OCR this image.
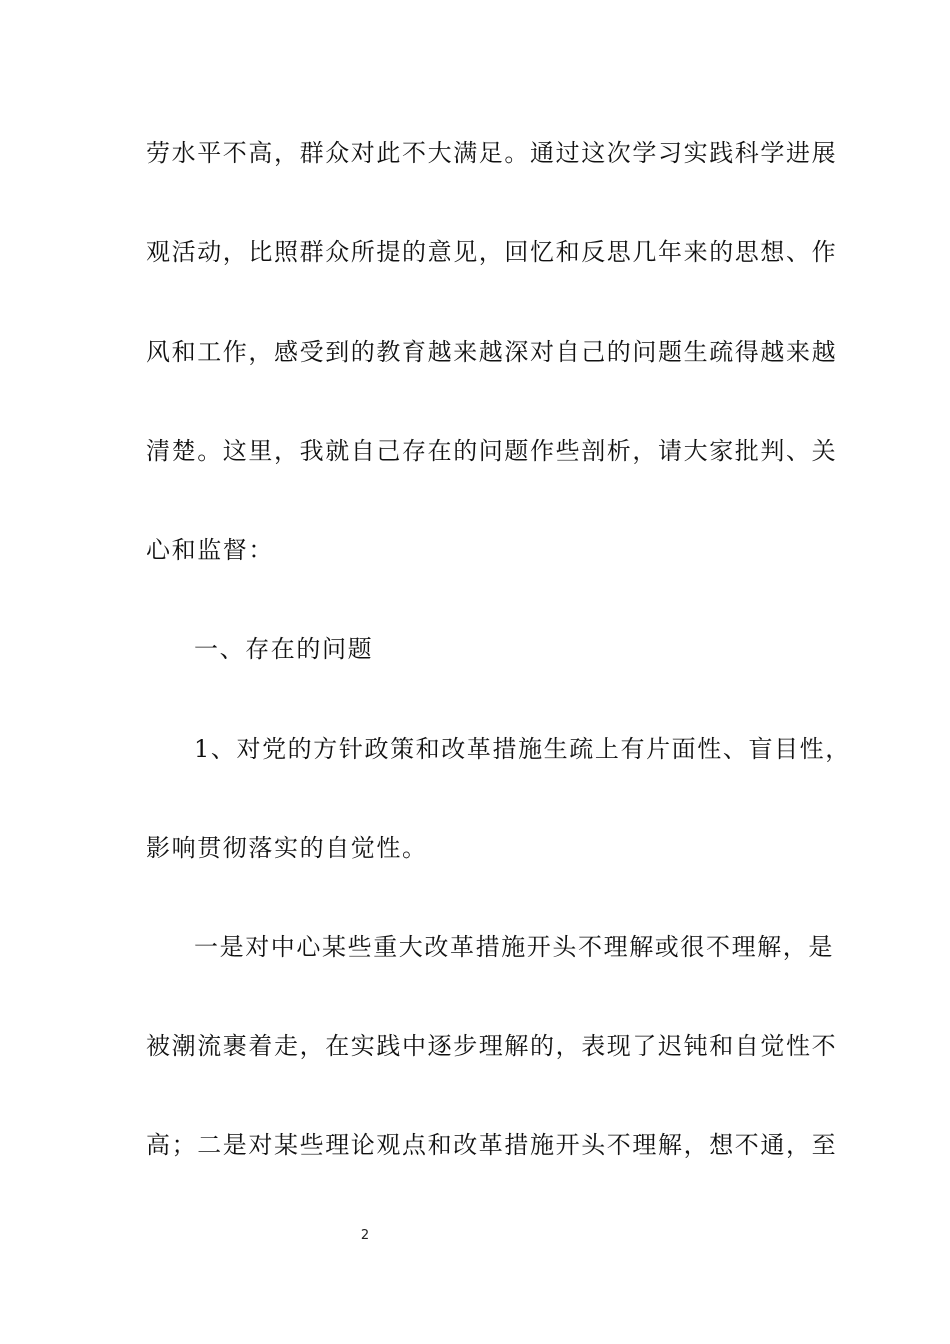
劳水平不高，群众对此不大满足。通过这次学习实践科学进展
观活动，比照群众所提的意见，回忆和反思几年来的思想、作
风和工作，感受到的教育越来越深对自己的问题生疏得越来越
清楚。这里，我就自己存在的问题作些剖析，请大家批判、关
心和监督：
一、存在的问题
1、对党的方针政策和改革措施生疏上有片面性、盲目性，
影响贯彻落实的自觉性。
一是对中心某些重大改革措施开头不理解或很不理解，是
被潮流裹着走，在实践中逐步理解的，表现了迟钝和自觉性不
高；二是对某些理论观点和改革措施开头不理解，想不通，至
2
